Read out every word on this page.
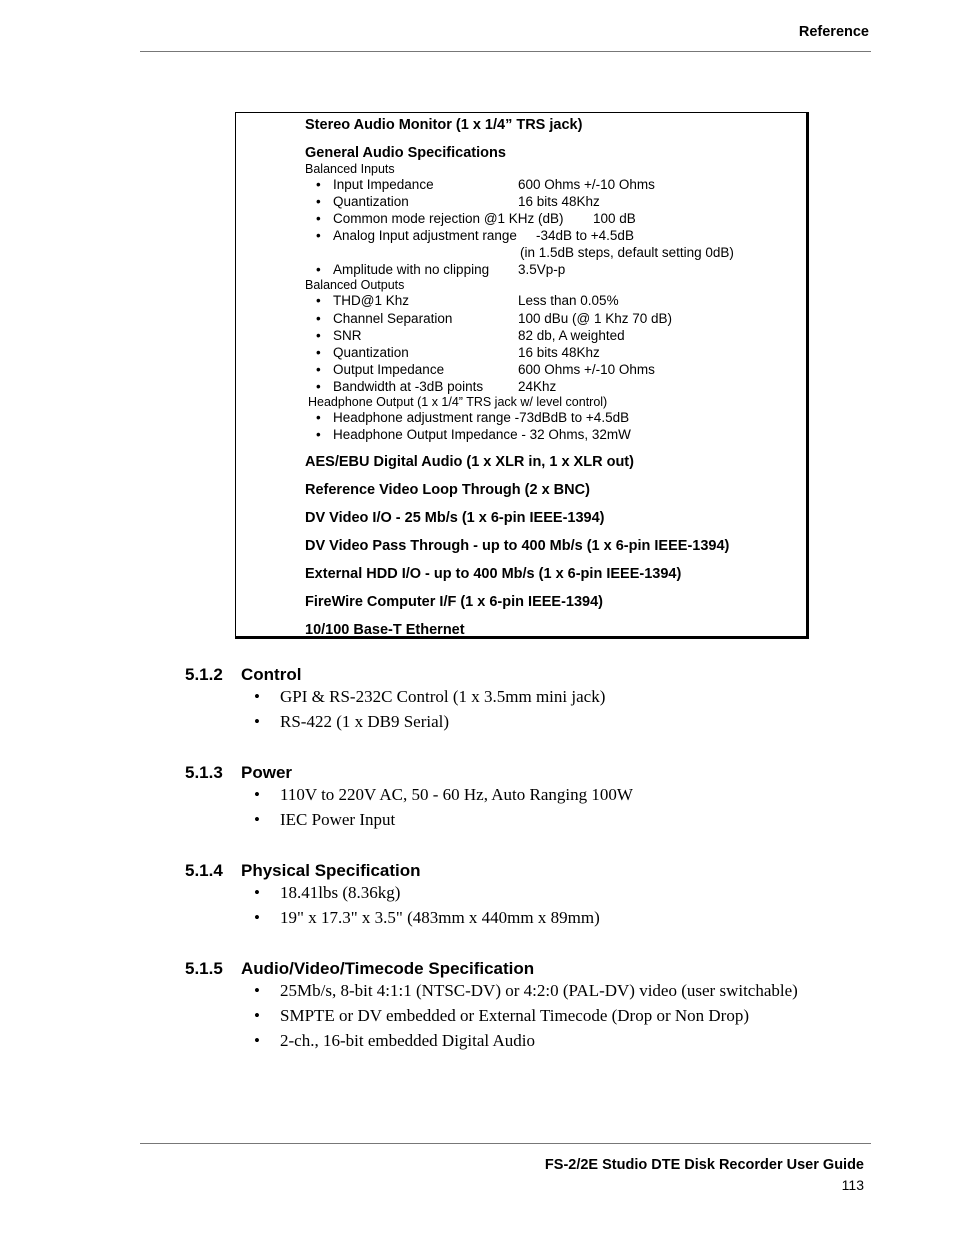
Reference

Stereo Audio Monitor (1 x 1/4” TRS jack)

General Audio Specifications

Balanced Inputs

• Input Impedance	600 Ohms +/-10 Ohms
• Quantization	16 bits 48Khz
• Common mode rejection @1 KHz (dB) 100 dB
• Analog Input adjustment range -34dB to +4.5dB
(in 1.5dB steps, default setting 0dB)
• Amplitude with no clipping 3.5Vp-p

Balanced Outputs

• THD@1 Khz	Less than 0.05%
• Channel Separation	100 dBu (@ 1 Khz 70 dB)
• SNR	82 db, A weighted
• Quantization	16 bits 48Khz
• Output Impedance	600 Ohms +/-10 Ohms
• Bandwidth at -3dB points	24Khz

Headphone Output (1 x 1/4” TRS jack w/ level control)

• Headphone adjustment range -73dBdB to +4.5dB
• Headphone Output Impedance - 32 Ohms, 32mW

AES/EBU Digital Audio (1 x XLR in, 1 x XLR out)

Reference Video Loop Through (2 x BNC)

DV Video I/O - 25 Mb/s (1 x 6-pin IEEE-1394)

DV Video Pass Through - up to 400 Mb/s (1 x 6-pin IEEE-1394)

External HDD I/O - up to 400 Mb/s (1 x 6-pin IEEE-1394)

FireWire Computer I/F (1 x 6-pin IEEE-1394)

10/100 Base-T Ethernet

5.1.2 Control
• GPI & RS-232C Control (1 x 3.5mm mini jack)
• RS-422 (1 x DB9 Serial)
5.1.3 Power
• 110V to 220V AC, 50 - 60 Hz, Auto Ranging 100W
• IEC Power Input
5.1.4 Physical Specification
• 18.41lbs (8.36kg)
• 19" x 17.3" x 3.5" (483mm x 440mm x 89mm)
5.1.5 Audio/Video/Timecode Specification
• 25Mb/s, 8-bit 4:1:1 (NTSC-DV) or 4:2:0 (PAL-DV) video (user switchable)
• SMPTE or DV embedded or External Timecode (Drop or Non Drop)
• 2-ch., 16-bit embedded Digital Audio
FS-2/2E Studio DTE Disk Recorder User Guide
113
